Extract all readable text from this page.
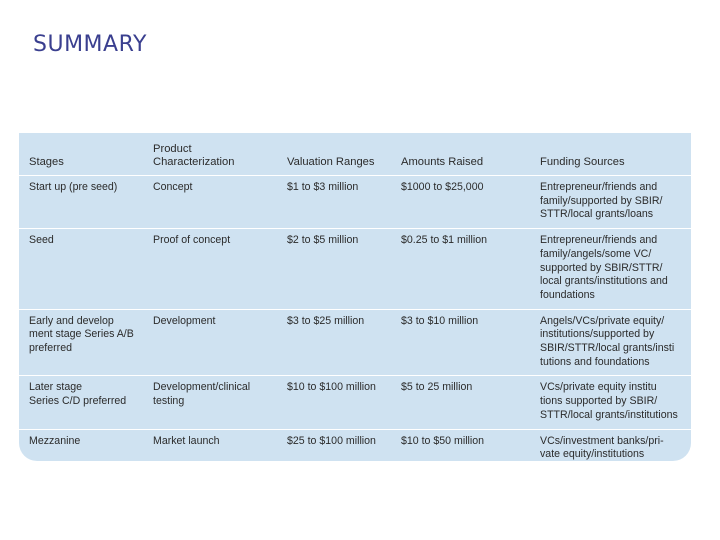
SUMMARY
Stages	Product
Characterization	Valuation Ranges	Amounts Raised	Funding Sources

Start up (pre seed)	Concept	$1 to $3 million	$1000 to $25,000	Entrepreneur/friends and
family/supported by SBIR/
STTR/local grants/loans

Seed	Proof of concept	$2 to $5 million	$0.25 to $1 million	Entrepreneur/friends and
family/angels/some VC/
supported by SBIR/STTR/
local grants/institutions and
foundations

Early and develop
ment stage Series A/B
preferred	Development	$3 to $25 million	$3 to $10 million	Angels/VCs/private equity/
institutions/supported by
SBIR/STTR/local grants/insti
tutions and foundations

Later stage
Series C/D preferred	Development/clinical
testing	$10 to $100 million	$5 to 25 million	VCs/private equity institu
tions supported by SBIR/
STTR/local grants/institutions

Mezzanine	Market launch	$25 to $100 million	$10 to $50 million	VCs/investment banks/pri-
vate equity/institutions
